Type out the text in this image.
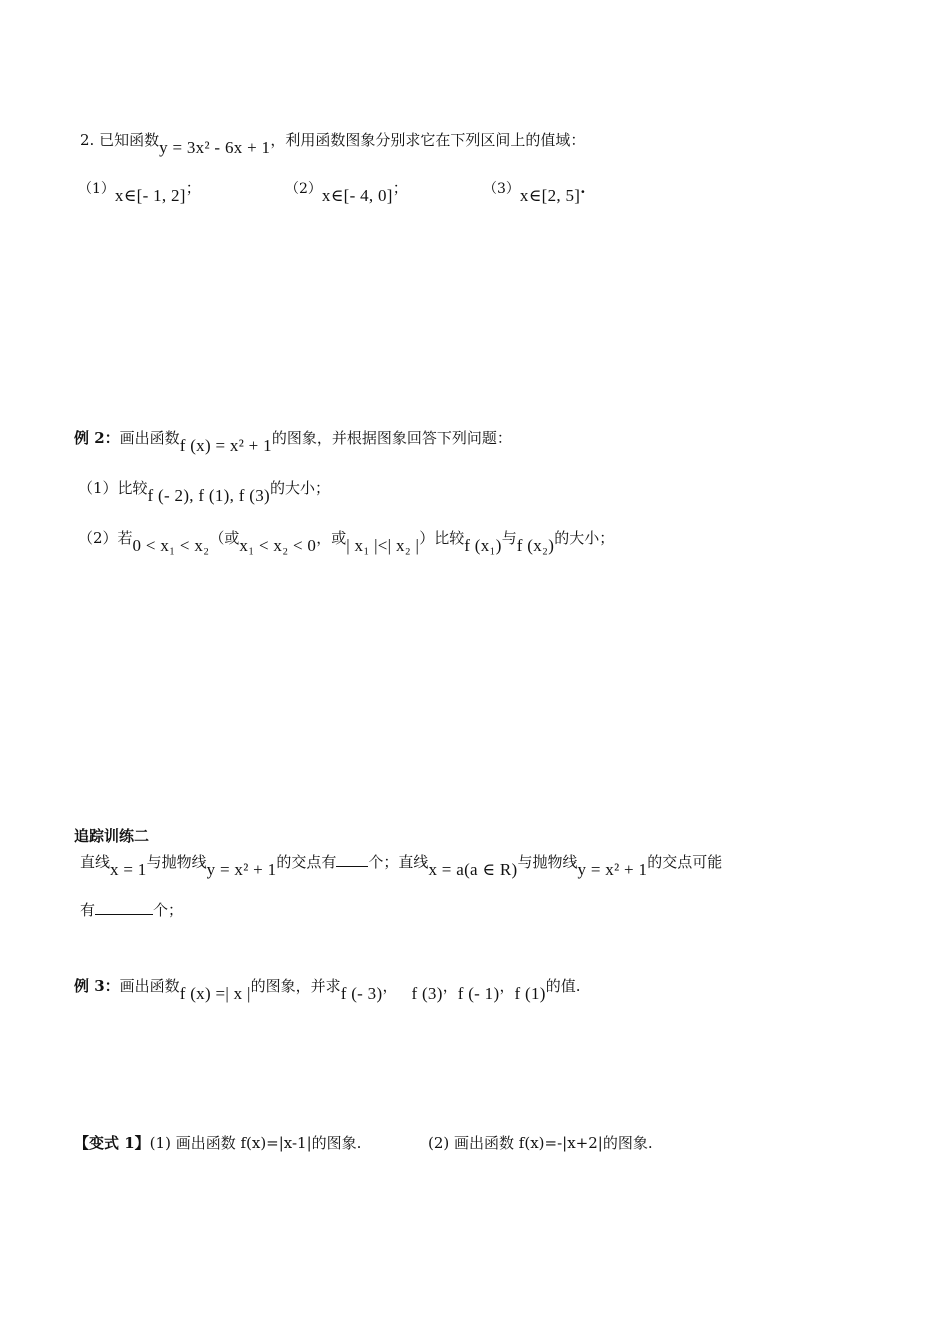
2. 已知函数y = 3x² - 6x + 1，利用函数图象分别求它在下列区间上的值域：
（1）x∈[- 1, 2]；	（2）x∈[- 4, 0]；	（3）x∈[2, 5].
例 2：画出函数f (x) = x² + 1的图象，并根据图象回答下列问题：
（1）比较f (- 2), f (1), f (3)的大小；
（2）若0 < x₁ < x₂（或x₁ < x₂ < 0，或| x₁ |<| x₂ |）比较f (x₁)与f (x₂)的大小；
追踪训练二
直线x = 1与抛物线y = x² + 1的交点有 个；直线x = a(a ∈ R)与抛物线y = x² + 1的交点可能
有	个；
例 3：画出函数f (x) =| x |的图象，并求f (- 3)， f (3)，f (- 1)，f (1)的值.
【变式 1】(1) 画出函数 f(x)=|x-1|的图象.	(2) 画出函数 f(x)=-|x+2|的图象.
